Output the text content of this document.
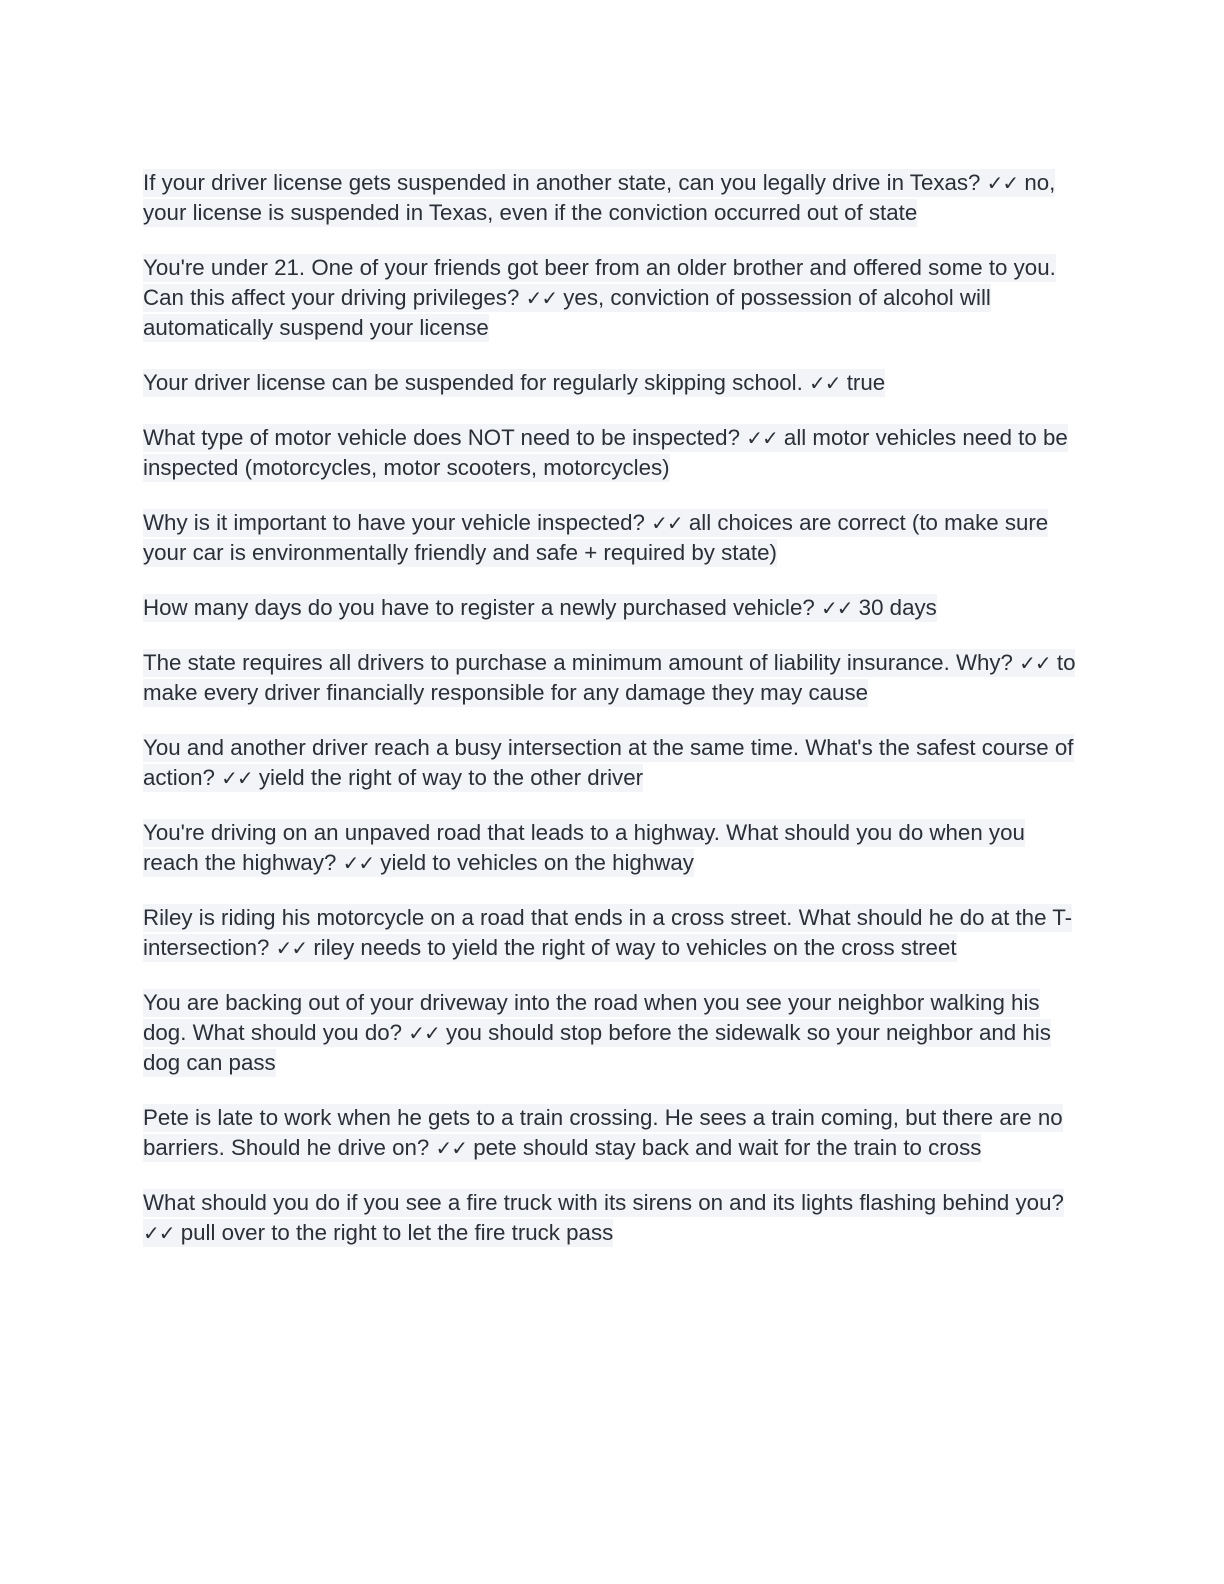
If your driver license gets suspended in another state, can you legally drive in Texas? ✓✓ no, your license is suspended in Texas, even if the conviction occurred out of state

You're under 21. One of your friends got beer from an older brother and offered some to you. Can this affect your driving privileges? ✓✓ yes, conviction of possession of alcohol will automatically suspend your license

Your driver license can be suspended for regularly skipping school. ✓✓ true

What type of motor vehicle does NOT need to be inspected? ✓✓ all motor vehicles need to be inspected (motorcycles, motor scooters, motorcycles)

Why is it important to have your vehicle inspected? ✓✓ all choices are correct (to make sure your car is environmentally friendly and safe + required by state)

How many days do you have to register a newly purchased vehicle? ✓✓ 30 days

The state requires all drivers to purchase a minimum amount of liability insurance. Why? ✓✓ to make every driver financially responsible for any damage they may cause

You and another driver reach a busy intersection at the same time. What's the safest course of action? ✓✓ yield the right of way to the other driver

You're driving on an unpaved road that leads to a highway. What should you do when you reach the highway? ✓✓ yield to vehicles on the highway

Riley is riding his motorcycle on a road that ends in a cross street. What should he do at the T-intersection? ✓✓ riley needs to yield the right of way to vehicles on the cross street

You are backing out of your driveway into the road when you see your neighbor walking his dog. What should you do? ✓✓ you should stop before the sidewalk so your neighbor and his dog can pass

Pete is late to work when he gets to a train crossing. He sees a train coming, but there are no barriers. Should he drive on? ✓✓ pete should stay back and wait for the train to cross

What should you do if you see a fire truck with its sirens on and its lights flashing behind you? ✓✓ pull over to the right to let the fire truck pass
